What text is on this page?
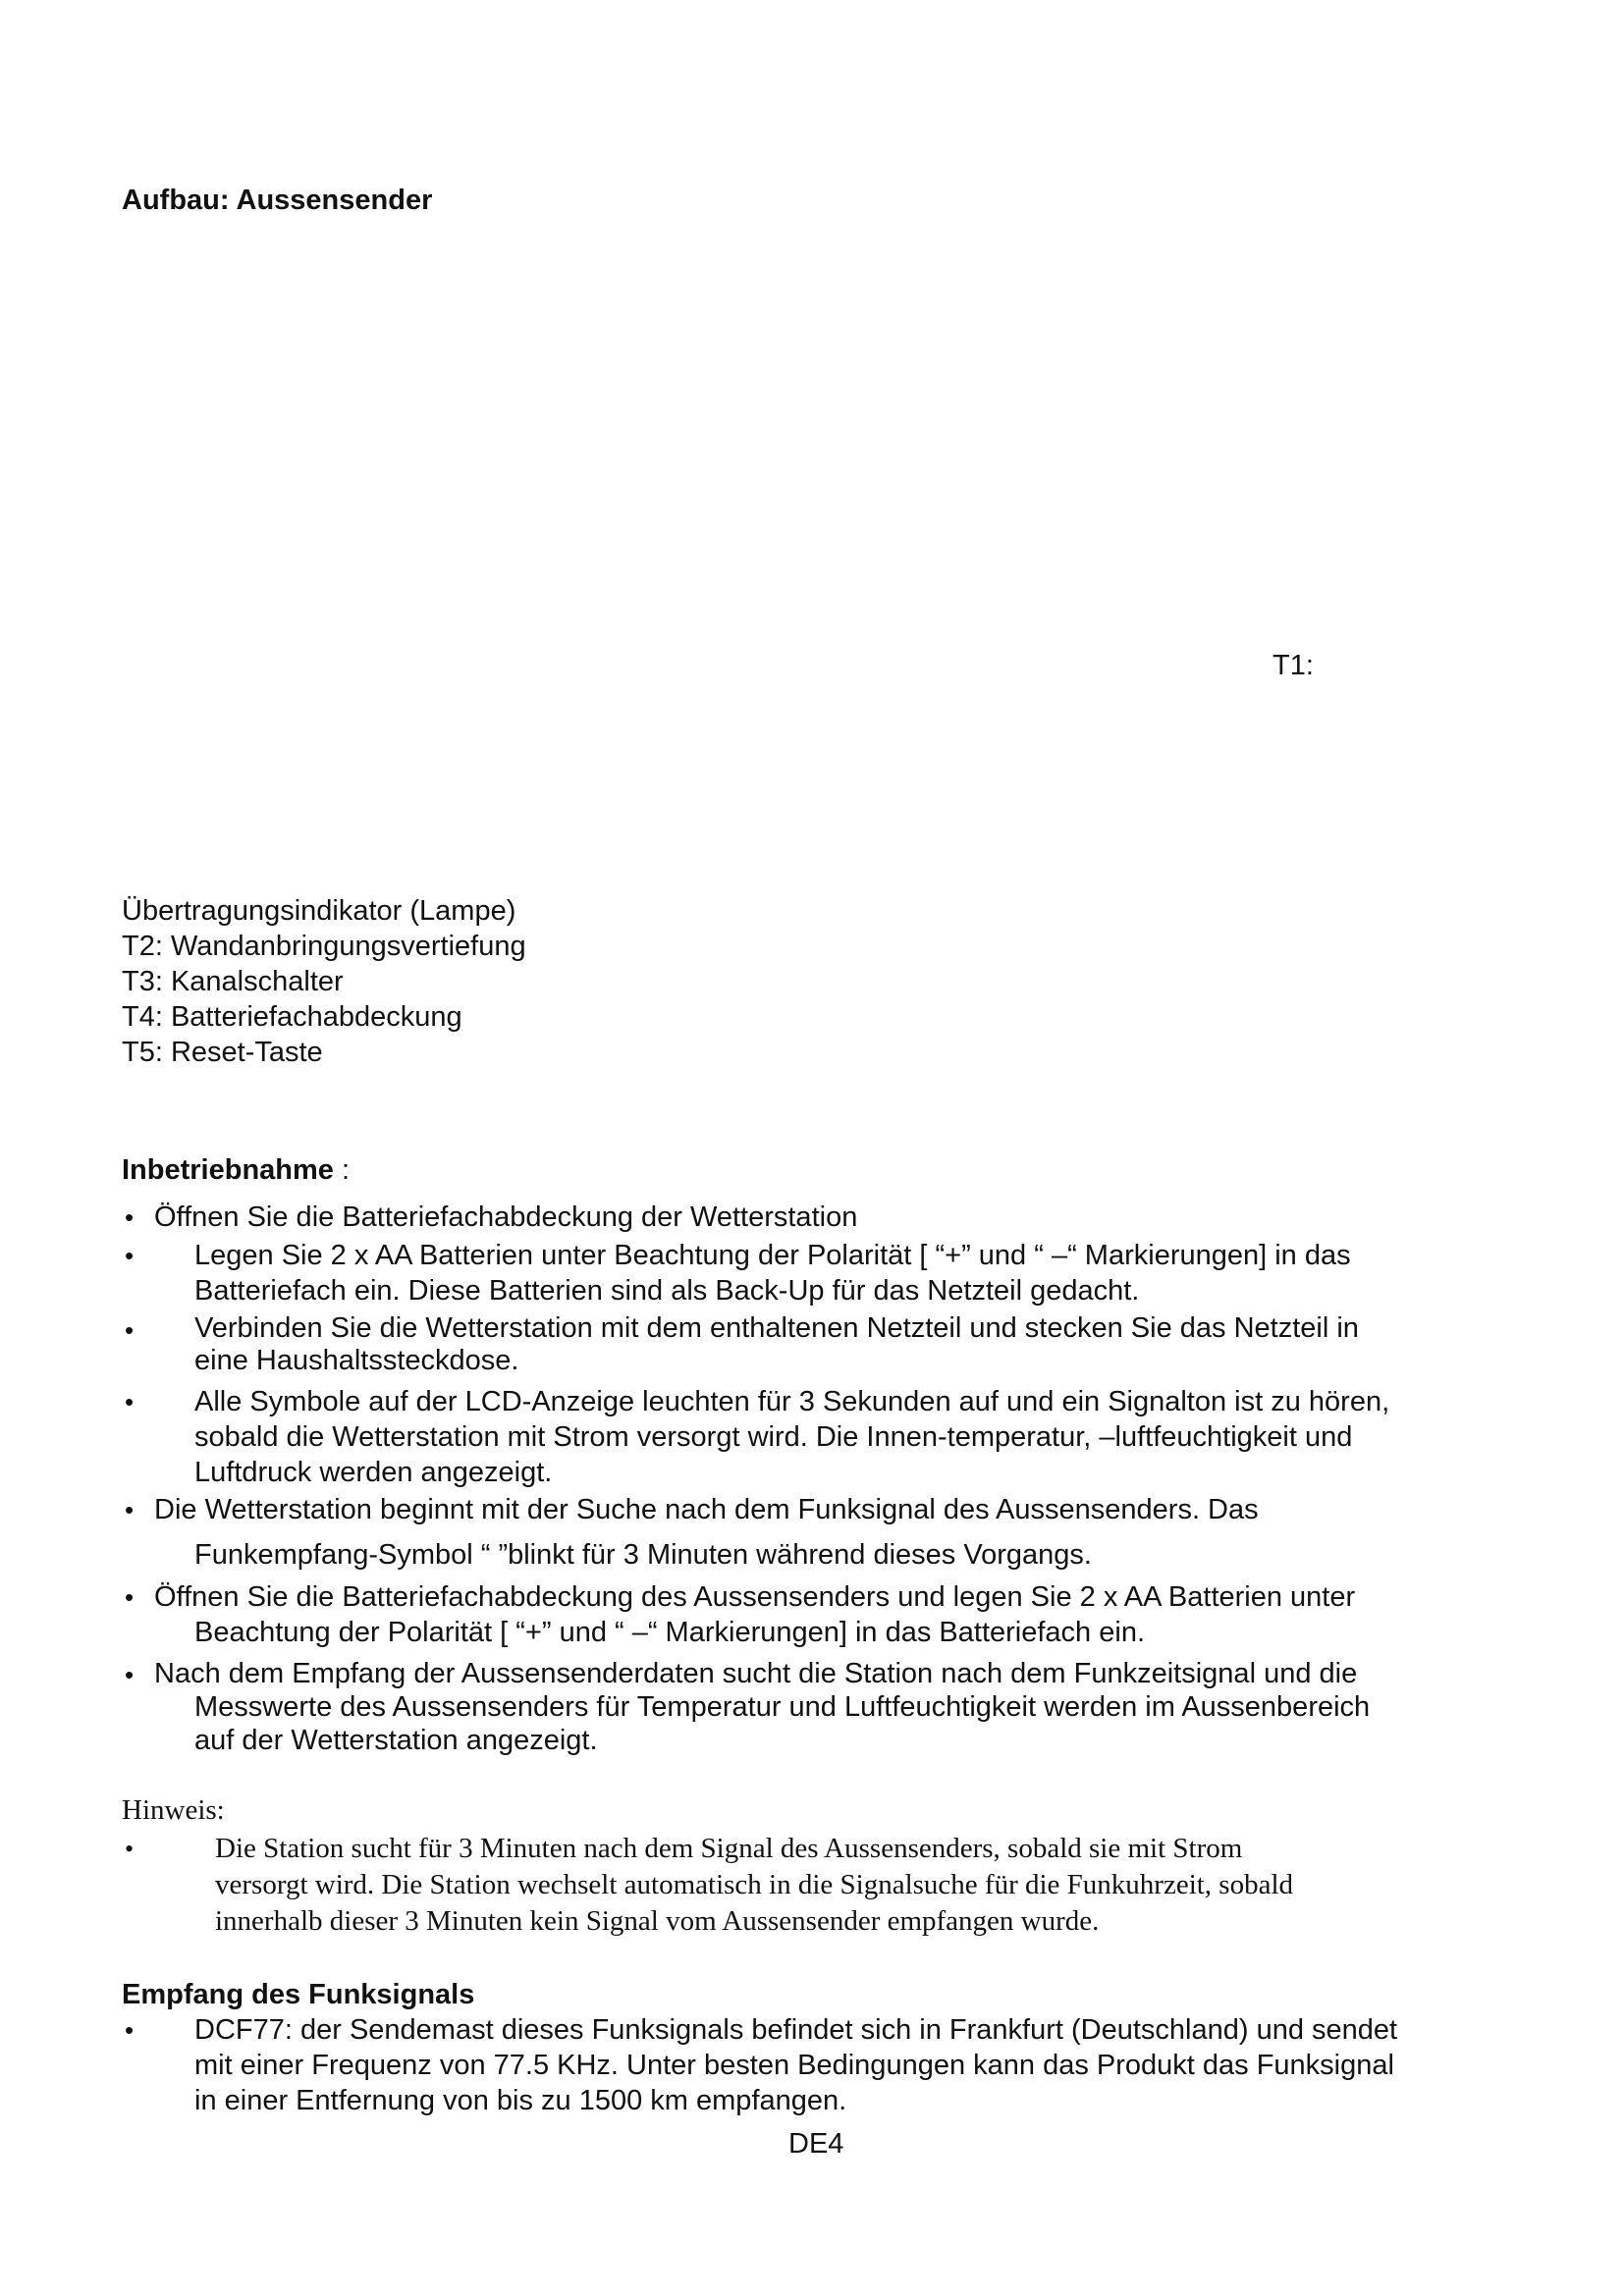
Aufbau: Aussensender
T1:
Übertragungsindikator (Lampe)
T2: Wandanbringungsvertiefung
T3: Kanalschalter
T4: Batteriefachabdeckung
T5: Reset-Taste
Inbetriebnahme :
• Öffnen Sie die Batteriefachabdeckung der Wetterstation
• Legen Sie 2 x AA Batterien unter Beachtung der Polarität [ “+” und “ –“ Markierungen] in das
Batteriefach ein. Diese Batterien sind als Back-Up für das Netzteil gedacht.
• Verbinden Sie die Wetterstation mit dem enthaltenen Netzteil und stecken Sie das Netzteil in
eine Haushaltssteckdose.
• Alle Symbole auf der LCD-Anzeige leuchten für 3 Sekunden auf und ein Signalton ist zu hören,
sobald die Wetterstation mit Strom versorgt wird. Die Innen-temperatur, –luftfeuchtigkeit und
Luftdruck werden angezeigt.
• Die Wetterstation beginnt mit der Suche nach dem Funksignal des Aussensenders. Das
Funkempfang-Symbol “ ”blinkt für 3 Minuten während dieses Vorgangs.
• Öffnen Sie die Batteriefachabdeckung des Aussensenders und legen Sie 2 x AA Batterien unter
Beachtung der Polarität [ “+” und “ –“ Markierungen] in das Batteriefach ein.
• Nach dem Empfang der Aussensenderdaten sucht die Station nach dem Funkzeitsignal und die
Messwerte des Aussensenders für Temperatur und Luftfeuchtigkeit werden im Aussenbereich
auf der Wetterstation angezeigt.
Hinweis:
•	Die Station sucht für 3 Minuten nach dem Signal des Aussensenders, sobald sie mit Strom
versorgt wird. Die Station wechselt automatisch in die Signalsuche für die Funkuhrzeit, sobald
innerhalb dieser 3 Minuten kein Signal vom Aussensender empfangen wurde.
Empfang des Funksignals
• DCF77: der Sendemast dieses Funksignals befindet sich in Frankfurt (Deutschland) und sendet
mit einer Frequenz von 77.5 KHz. Unter besten Bedingungen kann das Produkt das Funksignal
in einer Entfernung von bis zu 1500 km empfangen.
DE4
